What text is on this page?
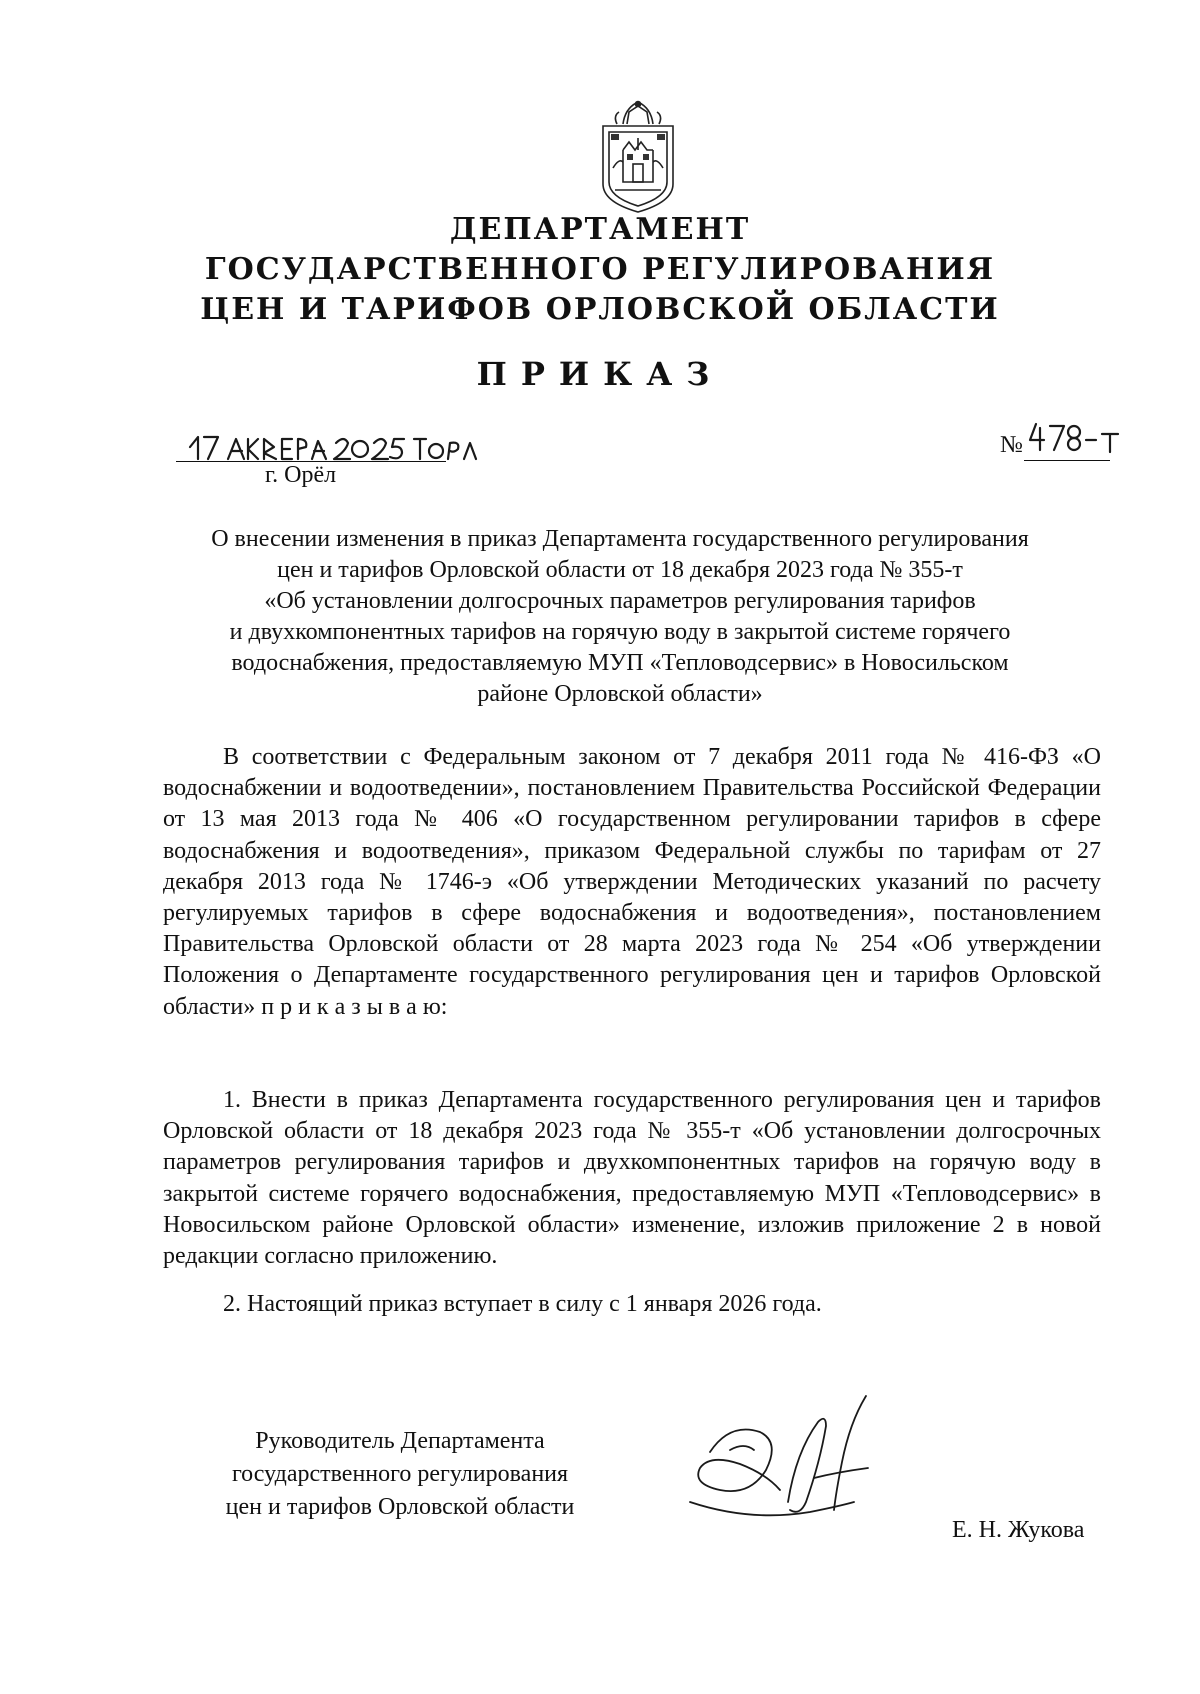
ДЕПАРТАМЕНТ
ГОСУДАРСТВЕННОГО РЕГУЛИРОВАНИЯ
ЦЕН И ТАРИФОВ ОРЛОВСКОЙ ОБЛАСТИ
ПРИКАЗ
г. Орёл
№
О внесении изменения в приказ Департамента государственного регулирования
цен и тарифов Орловской области от 18 декабря 2023 года № 355-т
«Об установлении долгосрочных параметров регулирования тарифов
и двухкомпонентных тарифов на горячую воду в закрытой системе горячего
водоснабжения, предоставляемую МУП «Тепловодсервис» в Новосильском
районе Орловской области»

В соответствии с Федеральным законом от 7 декабря 2011 года № 416-ФЗ «О водоснабжении и водоотведении», постановлением Правительства Российской Федерации от 13 мая 2013 года № 406 «О государственном регулировании тарифов в сфере водоснабжения и водоотведения», приказом Федеральной службы по тарифам от 27 декабря 2013 года № 1746-э «Об утверждении Методических указаний по расчету регулируемых тарифов в сфере водоснабжения и водоотведения», постановлением Правительства Орловской области от 28 марта 2023 года № 254 «Об утверждении Положения о Департаменте государственного регулирования цен и тарифов Орловской области» п р и к а з ы в а ю:

1. Внести в приказ Департамента государственного регулирования цен и тарифов Орловской области от 18 декабря 2023 года № 355-т «Об установлении долгосрочных параметров регулирования тарифов и двухкомпонентных тарифов на горячую воду в закрытой системе горячего водоснабжения, предоставляемую МУП «Тепловодсервис» в Новосильском районе Орловской области» изменение, изложив приложение 2 в новой редакции согласно приложению.

2. Настоящий приказ вступает в силу с 1 января 2026 года.

Руководитель Департамента
государственного регулирования
цен и тарифов Орловской области
Е. Н. Жукова
